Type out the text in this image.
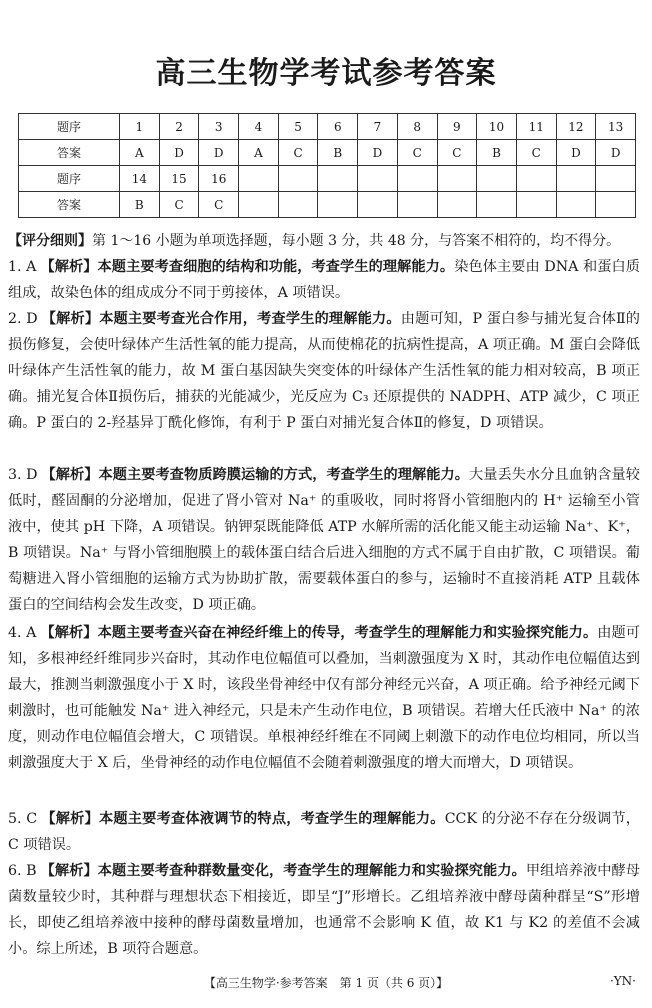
高三生物学考试参考答案
题序	1	2	3	4	5	6	7	8	9	10	11	12	13
答案	A	D	D	A	C	B	D	C	C	B	C	D	D
题序	14	15	16										
答案	B	C	C										
【评分细则】第 1～16 小题为单项选择题，每小题 3 分，共 48 分，与答案不相符的，均不得分。
1. A 【解析】本题主要考查细胞的结构和功能，考查学生的理解能力。染色体主要由 DNA 和蛋白质组成，故染色体的组成成分不同于剪接体，A 项错误。
2. D 【解析】本题主要考查光合作用，考查学生的理解能力。由题可知，P 蛋白参与捕光复合体Ⅱ的损伤修复，会使叶绿体产生活性氧的能力提高，从而使棉花的抗病性提高，A 项正确。M 蛋白会降低叶绿体产生活性氧的能力，故 M 蛋白基因缺失突变体的叶绿体产生活性氧的能力相对较高，B 项正确。捕光复合体Ⅱ损伤后，捕获的光能减少，光反应为 C₃ 还原提供的 NADPH、ATP 减少，C 项正确。P 蛋白的 2-羟基异丁酰化修饰，有利于 P 蛋白对捕光复合体Ⅱ的修复，D 项错误。
3. D 【解析】本题主要考查物质跨膜运输的方式，考查学生的理解能力。大量丢失水分且血钠含量较低时，醛固酮的分泌增加，促进了肾小管对 Na⁺ 的重吸收，同时将肾小管细胞内的 H⁺ 运输至小管液中，使其 pH 下降，A 项错误。钠钾泵既能降低 ATP 水解所需的活化能又能主动运输 Na⁺、K⁺，B 项错误。Na⁺ 与肾小管细胞膜上的载体蛋白结合后进入细胞的方式不属于自由扩散，C 项错误。葡萄糖进入肾小管细胞的运输方式为协助扩散，需要载体蛋白的参与，运输时不直接消耗 ATP 且载体蛋白的空间结构会发生改变，D 项正确。
4. A 【解析】本题主要考查兴奋在神经纤维上的传导，考查学生的理解能力和实验探究能力。由题可知，多根神经纤维同步兴奋时，其动作电位幅值可以叠加，当刺激强度为 X 时，其动作电位幅值达到最大，推测当刺激强度小于 X 时，该段坐骨神经中仅有部分神经元兴奋，A 项正确。给予神经元阈下刺激时，也可能触发 Na⁺ 进入神经元，只是未产生动作电位，B 项错误。若增大任氏液中 Na⁺ 的浓度，则动作电位幅值会增大，C 项错误。单根神经纤维在不同阈上刺激下的动作电位均相同，所以当刺激强度大于 X 后，坐骨神经的动作电位幅值不会随着刺激强度的增大而增大，D 项错误。
5. C 【解析】本题主要考查体液调节的特点，考查学生的理解能力。CCK 的分泌不存在分级调节，C 项错误。
6. B 【解析】本题主要考查种群数量变化，考查学生的理解能力和实验探究能力。甲组培养液中酵母菌数量较少时，其种群与理想状态下相接近，即呈“J”形增长。乙组培养液中酵母菌种群呈“S”形增长，即使乙组培养液中接种的酵母菌数量增加，也通常不会影响 K 值，故 K1 与 K2 的差值不会减小。综上所述，B 项符合题意。
【高三生物学·参考答案　第 1 页（共 6 页）】	·YN·
